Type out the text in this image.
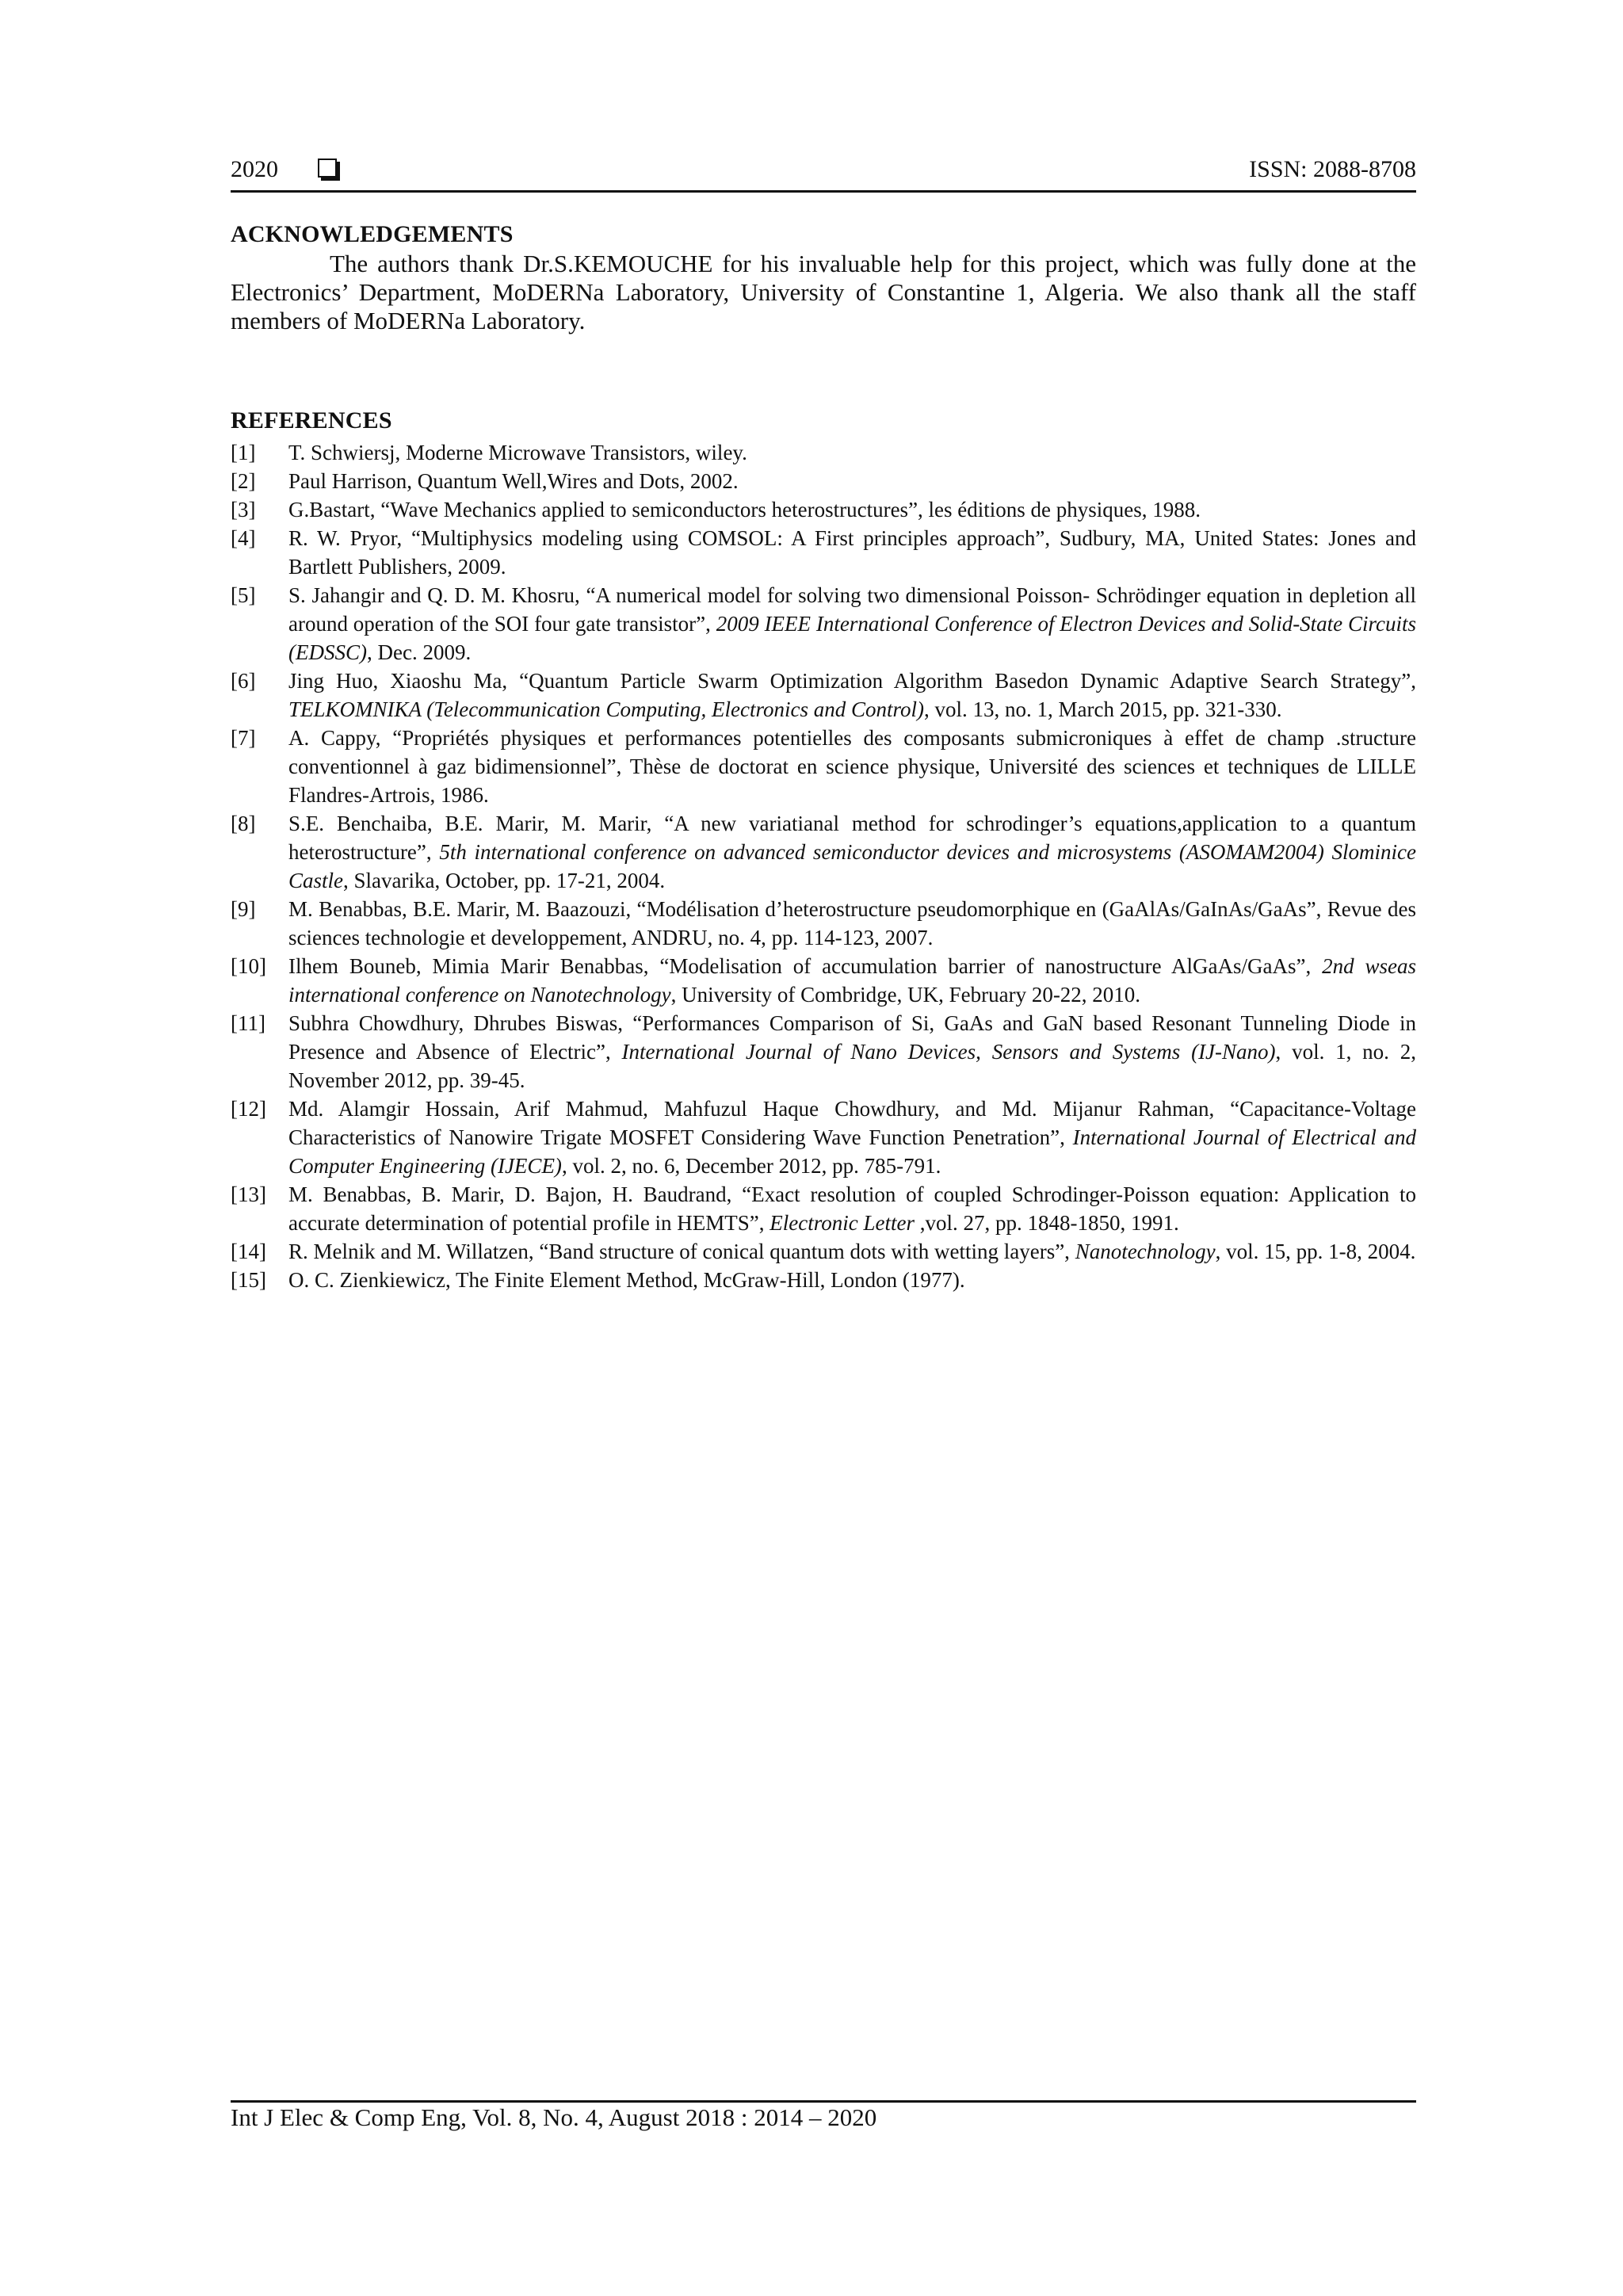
2020	ISSN: 2088-8708
ACKNOWLEDGEMENTS
The authors thank Dr.S.KEMOUCHE for his invaluable help for this project, which was fully done at the Electronics’ Department, MoDERNa Laboratory, University of Constantine 1, Algeria. We also thank all the staff members of MoDERNa Laboratory.
REFERENCES
[1] T. Schwiersj, Moderne Microwave Transistors, wiley.
[2] Paul Harrison, Quantum Well,Wires and Dots, 2002.
[3] G.Bastart, “Wave Mechanics applied to semiconductors heterostructures”, les éditions de physiques, 1988.
[4] R. W. Pryor, “Multiphysics modeling using COMSOL: A First principles approach”, Sudbury, MA, United States: Jones and Bartlett Publishers, 2009.
[5] S. Jahangir and Q. D. M. Khosru, “A numerical model for solving two dimensional Poisson- Schrödinger equation in depletion all around operation of the SOI four gate transistor”, 2009 IEEE International Conference of Electron Devices and Solid-State Circuits (EDSSC), Dec. 2009.
[6] Jing Huo, Xiaoshu Ma, “Quantum Particle Swarm Optimization Algorithm Basedon Dynamic Adaptive Search Strategy”, TELKOMNIKA (Telecommunication Computing, Electronics and Control), vol. 13, no. 1, March 2015, pp. 321-330.
[7] A. Cappy, “Propriétés physiques et performances potentielles des composants submicroniques à effet de champ .structure conventionnel à gaz bidimensionnel”, Thèse de doctorat en science physique, Université des sciences et techniques de LILLE Flandres-Artrois, 1986.
[8] S.E. Benchaiba, B.E. Marir, M. Marir, “A new variatianal method for schrodinger’s equations,application to a quantum heterostructure”, 5th international conference on advanced semiconductor devices and microsystems (ASOMAM2004) Slominice Castle, Slavarika, October, pp. 17-21, 2004.
[9] M. Benabbas, B.E. Marir, M. Baazouzi, “Modélisation d’heterostructure pseudomorphique en (GaAlAs/GaInAs/GaAs”, Revue des sciences technologie et developpement, ANDRU, no. 4, pp. 114-123, 2007.
[10] Ilhem Bouneb, Mimia Marir Benabbas, “Modelisation of accumulation barrier of nanostructure AlGaAs/GaAs”, 2nd wseas international conference on Nanotechnology, University of Combridge, UK, February 20-22, 2010.
[11] Subhra Chowdhury, Dhrubes Biswas, “Performances Comparison of Si, GaAs and GaN based Resonant Tunneling Diode in Presence and Absence of Electric”, International Journal of Nano Devices, Sensors and Systems (IJ-Nano), vol. 1, no. 2, November 2012, pp. 39-45.
[12] Md. Alamgir Hossain, Arif Mahmud, Mahfuzul Haque Chowdhury, and Md. Mijanur Rahman, “Capacitance-Voltage Characteristics of Nanowire Trigate MOSFET Considering Wave Function Penetration”, International Journal of Electrical and Computer Engineering (IJECE), vol. 2, no. 6, December 2012, pp. 785-791.
[13] M. Benabbas, B. Marir, D. Bajon, H. Baudrand, “Exact resolution of coupled Schrodinger-Poisson equation: Application to accurate determination of potential profile in HEMTS”, Electronic Letter ,vol. 27, pp. 1848-1850, 1991.
[14] R. Melnik and M. Willatzen, “Band structure of conical quantum dots with wetting layers”, Nanotechnology, vol. 15, pp. 1-8, 2004.
[15] O. C. Zienkiewicz, The Finite Element Method, McGraw-Hill, London (1977).
Int J Elec & Comp Eng, Vol. 8, No. 4, August 2018 : 2014 – 2020
